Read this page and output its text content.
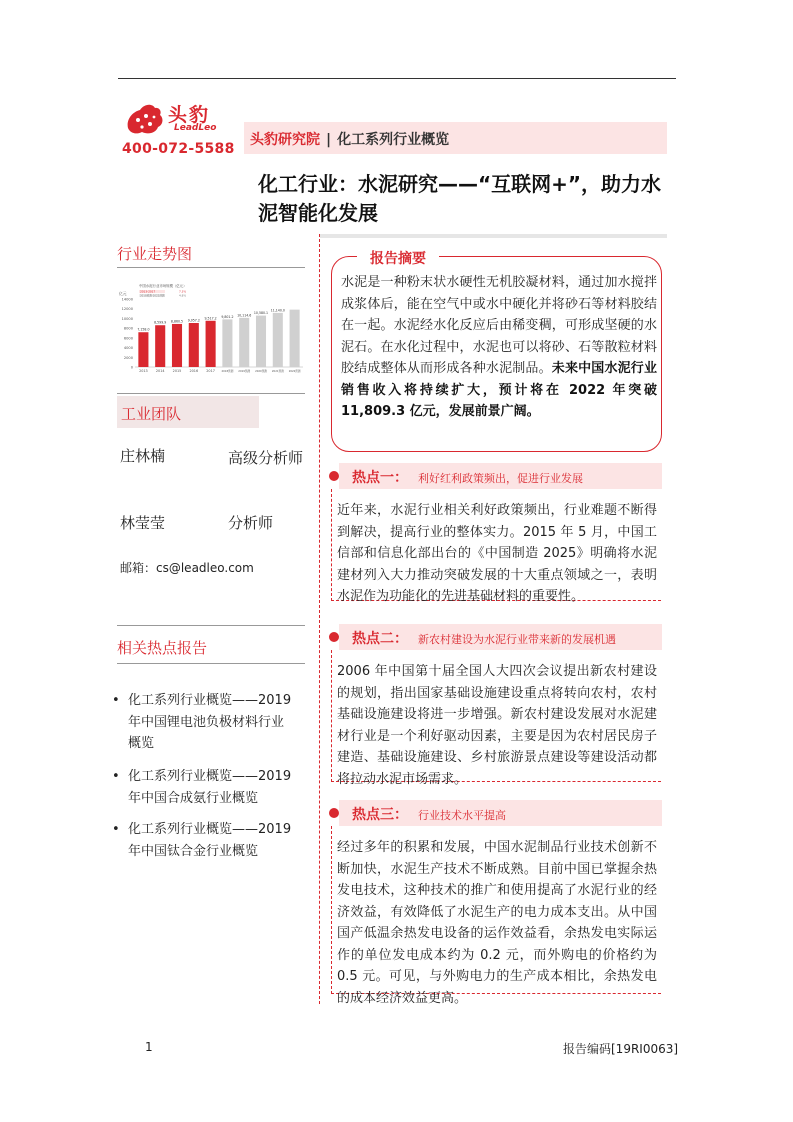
头豹
LeadLeo
400-072-5588
头豹研究院 | 化工系列行业概览
化工行业：水泥研究——“互联网+”，助力水泥智能化发展
行业走势图
14000
12000
10000
8000
6000
4000
2000
0
亿元
中国水泥行业市场规模（亿元）
2013-2017	7.3%
2018预测-2022预测	4.8%
7,158.0
2013
8,599.9
2014
8,860.5
2015
9,057.2
2016
9,517.2
2017
9,801.2
2018预测
10,114.6
2019预测
10,580.1
2020预测
11,140.0
2021预测 2022预测
工业团队
庄林楠	高级分析师
林莹莹	分析师
邮箱：cs@leadleo.com
相关热点报告
• 化工系列行业概览——2019
年中国锂电池负极材料行业
概览
• 化工系列行业概览——2019
年中国合成氨行业概览
• 化工系列行业概览——2019
年中国钛合金行业概览
报告摘要
水泥是一种粉末状水硬性无机胶凝材料，通过加水搅拌成浆体后，能在空气中或水中硬化并将砂石等材料胶结在一起。水泥经水化反应后由稀变稠，可形成坚硬的水泥石。在水化过程中，水泥也可以将砂、石等散粒材料胶结成整体从而形成各种水泥制品。未来中国水泥行业销售收入将持续扩大，预计将在 2022 年突破 11,809.3 亿元，发展前景广阔。
热点一： 利好红利政策频出，促进行业发展
近年来，水泥行业相关利好政策频出，行业难题不断得到解决，提高行业的整体实力。2015 年 5 月，中国工信部和信息化部出台的《中国制造 2025》明确将水泥建材列入大力推动突破发展的十大重点领域之一，表明水泥作为功能化的先进基础材料的重要性。
热点二： 新农村建设为水泥行业带来新的发展机遇
2006 年中国第十届全国人大四次会议提出新农村建设的规划，指出国家基础设施建设重点将转向农村，农村基础设施建设将进一步增强。新农村建设发展对水泥建材行业是一个利好驱动因素，主要是因为农村居民房子建造、基础设施建设、乡村旅游景点建设等建设活动都将拉动水泥市场需求。
热点三： 行业技术水平提高
经过多年的积累和发展，中国水泥制品行业技术创新不断加快，水泥生产技术不断成熟。目前中国已掌握余热发电技术，这种技术的推广和使用提高了水泥行业的经济效益，有效降低了水泥生产的电力成本支出。从中国国产低温余热发电设备的运作效益看，余热发电实际运作的单位发电成本约为 0.2 元，而外购电的价格约为 0.5 元。可见，与外购电力的生产成本相比，余热发电的成本经济效益更高。
1	报告编码[19RI0063]
